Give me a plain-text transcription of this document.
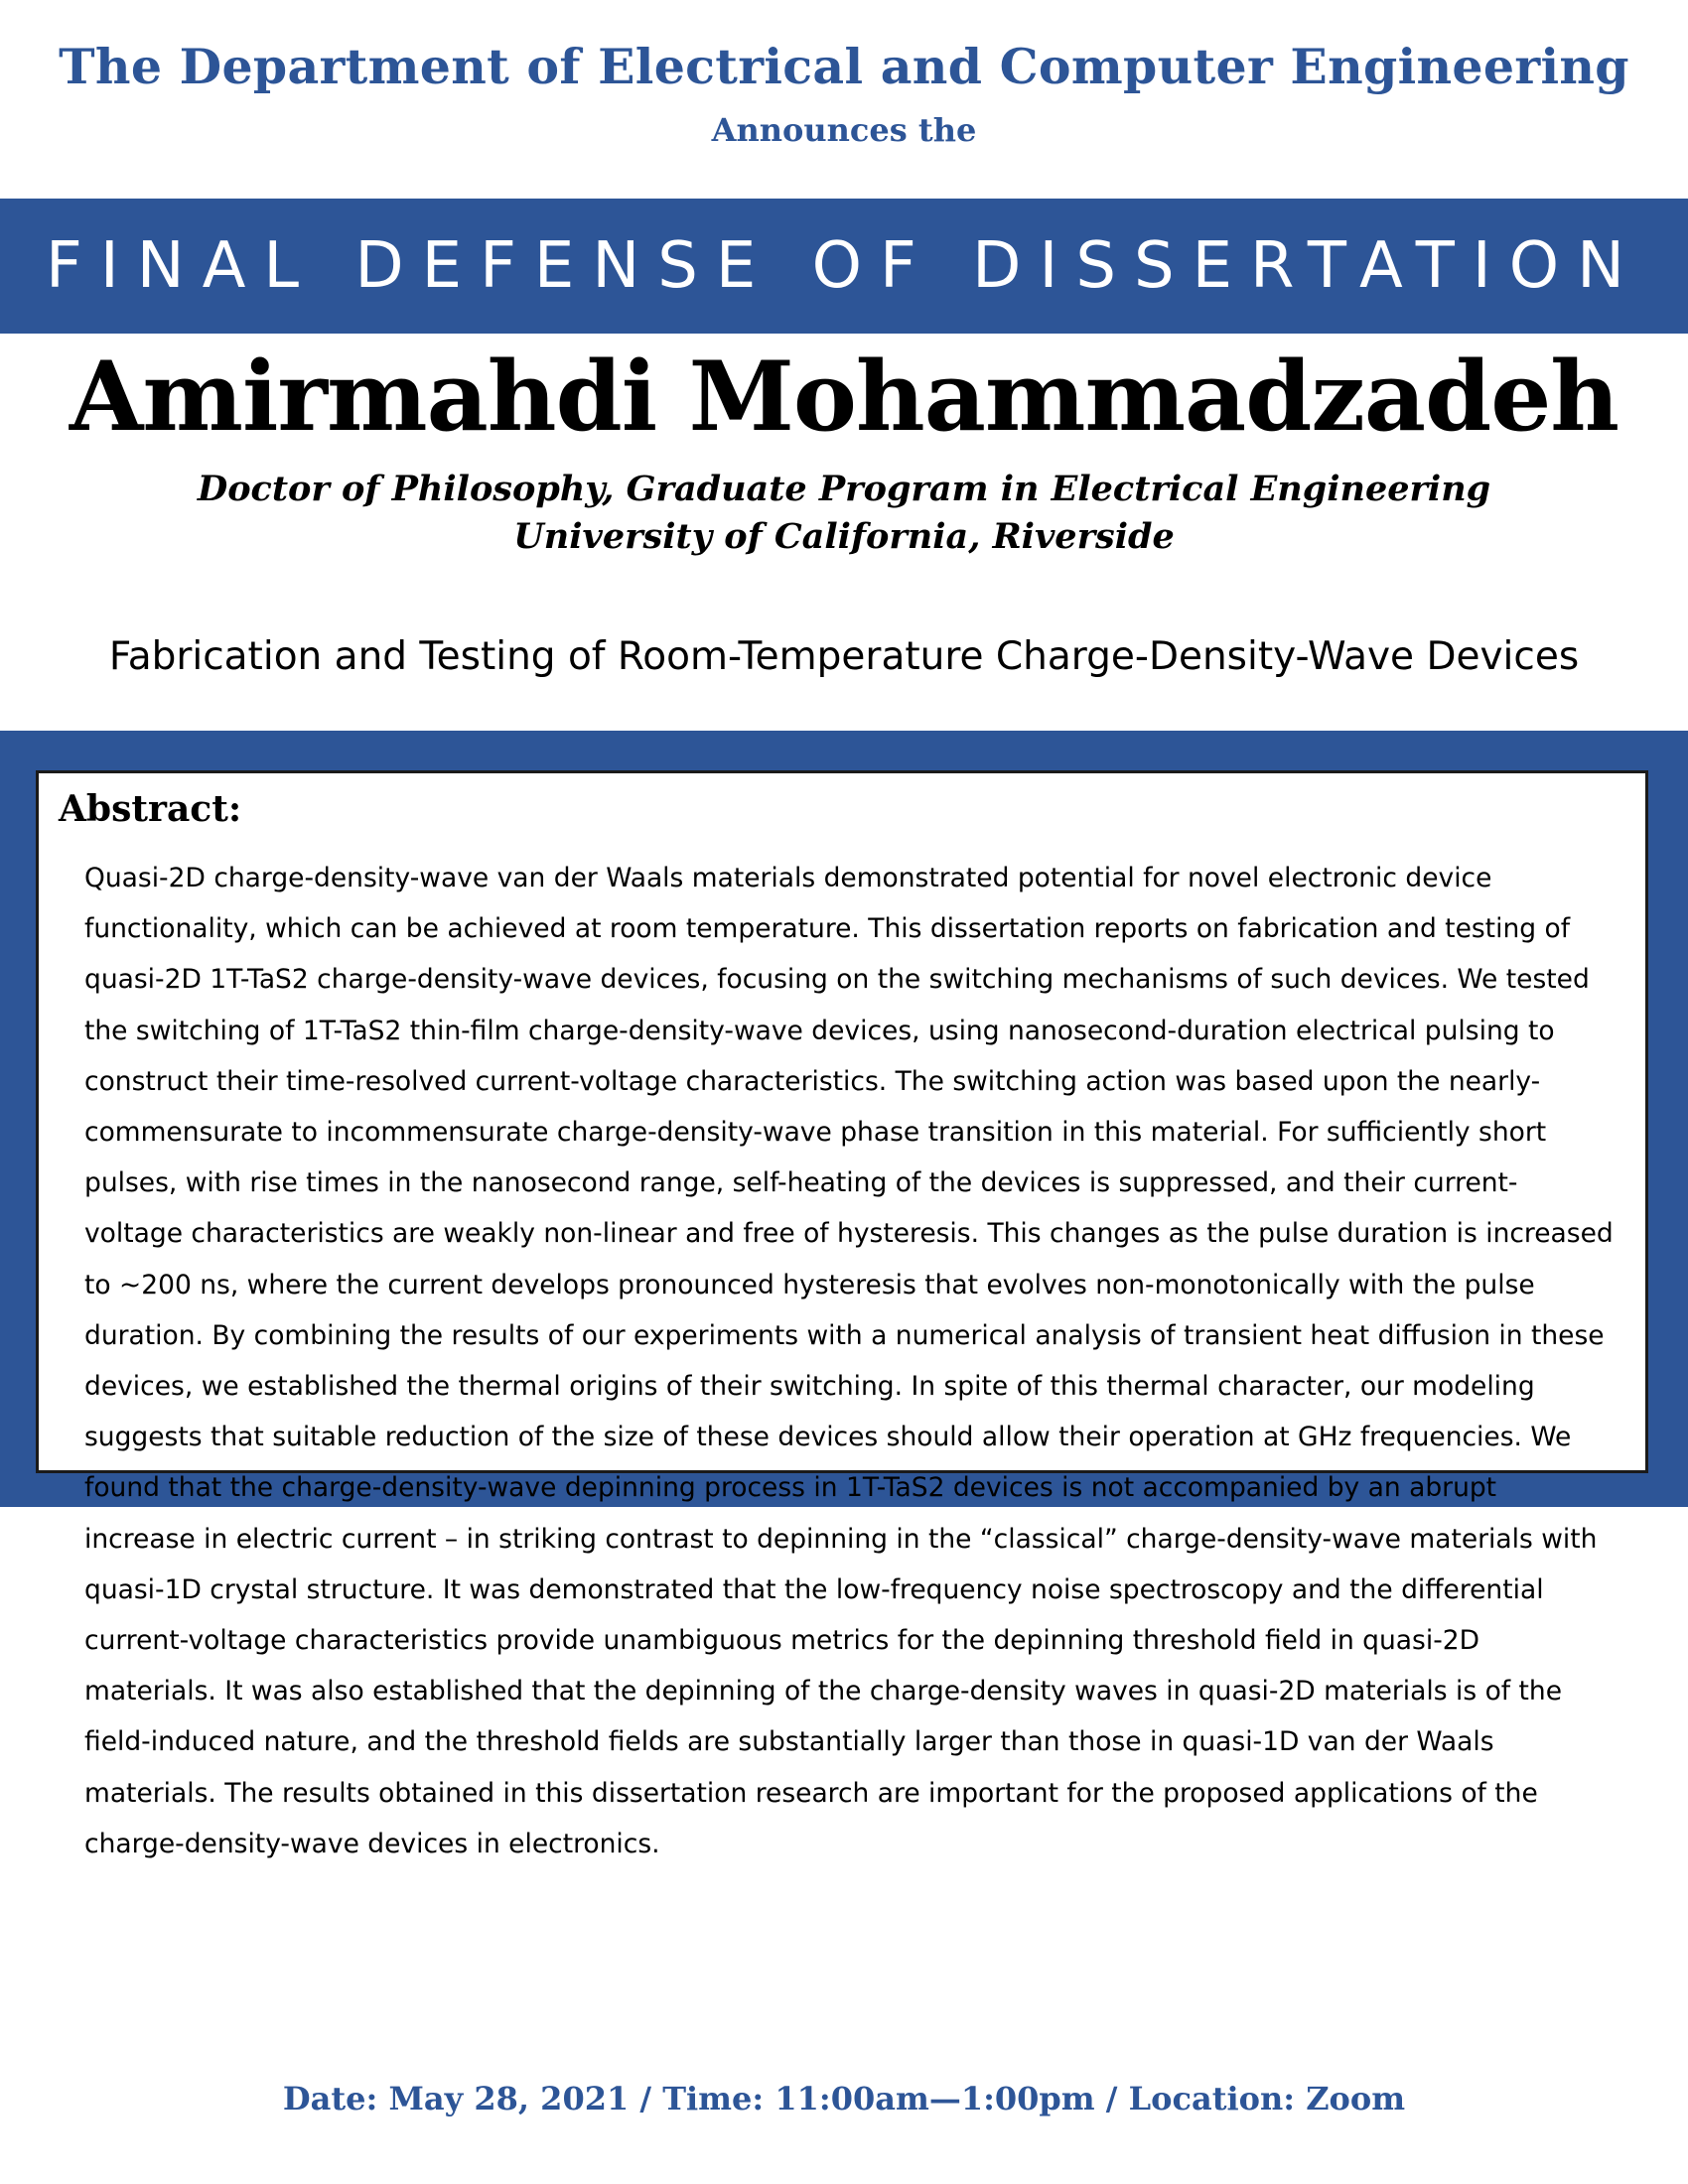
The Department of Electrical and Computer Engineering
Announces the
FINAL DEFENSE OF DISSERTATION
Amirmahdi Mohammadzadeh
Doctor of Philosophy, Graduate Program in Electrical Engineering
University of California, Riverside
Fabrication and Testing of Room-Temperature Charge-Density-Wave Devices
Abstract:
Quasi-2D charge-density-wave van der Waals materials demonstrated potential for novel electronic device functionality, which can be achieved at room temperature. This dissertation reports on fabrication and testing of quasi-2D 1T-TaS2 charge-density-wave devices, focusing on the switching mechanisms of such devices. We tested the switching of 1T-TaS2 thin-film charge-density-wave devices, using nanosecond-duration electrical pulsing to construct their time-resolved current-voltage characteristics. The switching action was based upon the nearly-commensurate to incommensurate charge-density-wave phase transition in this material. For sufficiently short pulses, with rise times in the nanosecond range, self-heating of the devices is suppressed, and their current-voltage characteristics are weakly non-linear and free of hysteresis. This changes as the pulse duration is increased to ~200 ns, where the current develops pronounced hysteresis that evolves non-monotonically with the pulse duration. By combining the results of our experiments with a numerical analysis of transient heat diffusion in these devices, we established the thermal origins of their switching. In spite of this thermal character, our modeling suggests that suitable reduction of the size of these devices should allow their operation at GHz frequencies. We found that the charge-density-wave depinning process in 1T-TaS2 devices is not accompanied by an abrupt increase in electric current – in striking contrast to depinning in the “classical” charge-density-wave materials with quasi-1D crystal structure. It was demonstrated that the low-frequency noise spectroscopy and the differential current-voltage characteristics provide unambiguous metrics for the depinning threshold field in quasi-2D materials. It was also established that the depinning of the charge-density waves in quasi-2D materials is of the field-induced nature, and the threshold fields are substantially larger than those in quasi-1D van der Waals materials. The results obtained in this dissertation research are important for the proposed applications of the charge-density-wave devices in electronics.
Date: May 28, 2021 / Time: 11:00am—1:00pm / Location: Zoom
